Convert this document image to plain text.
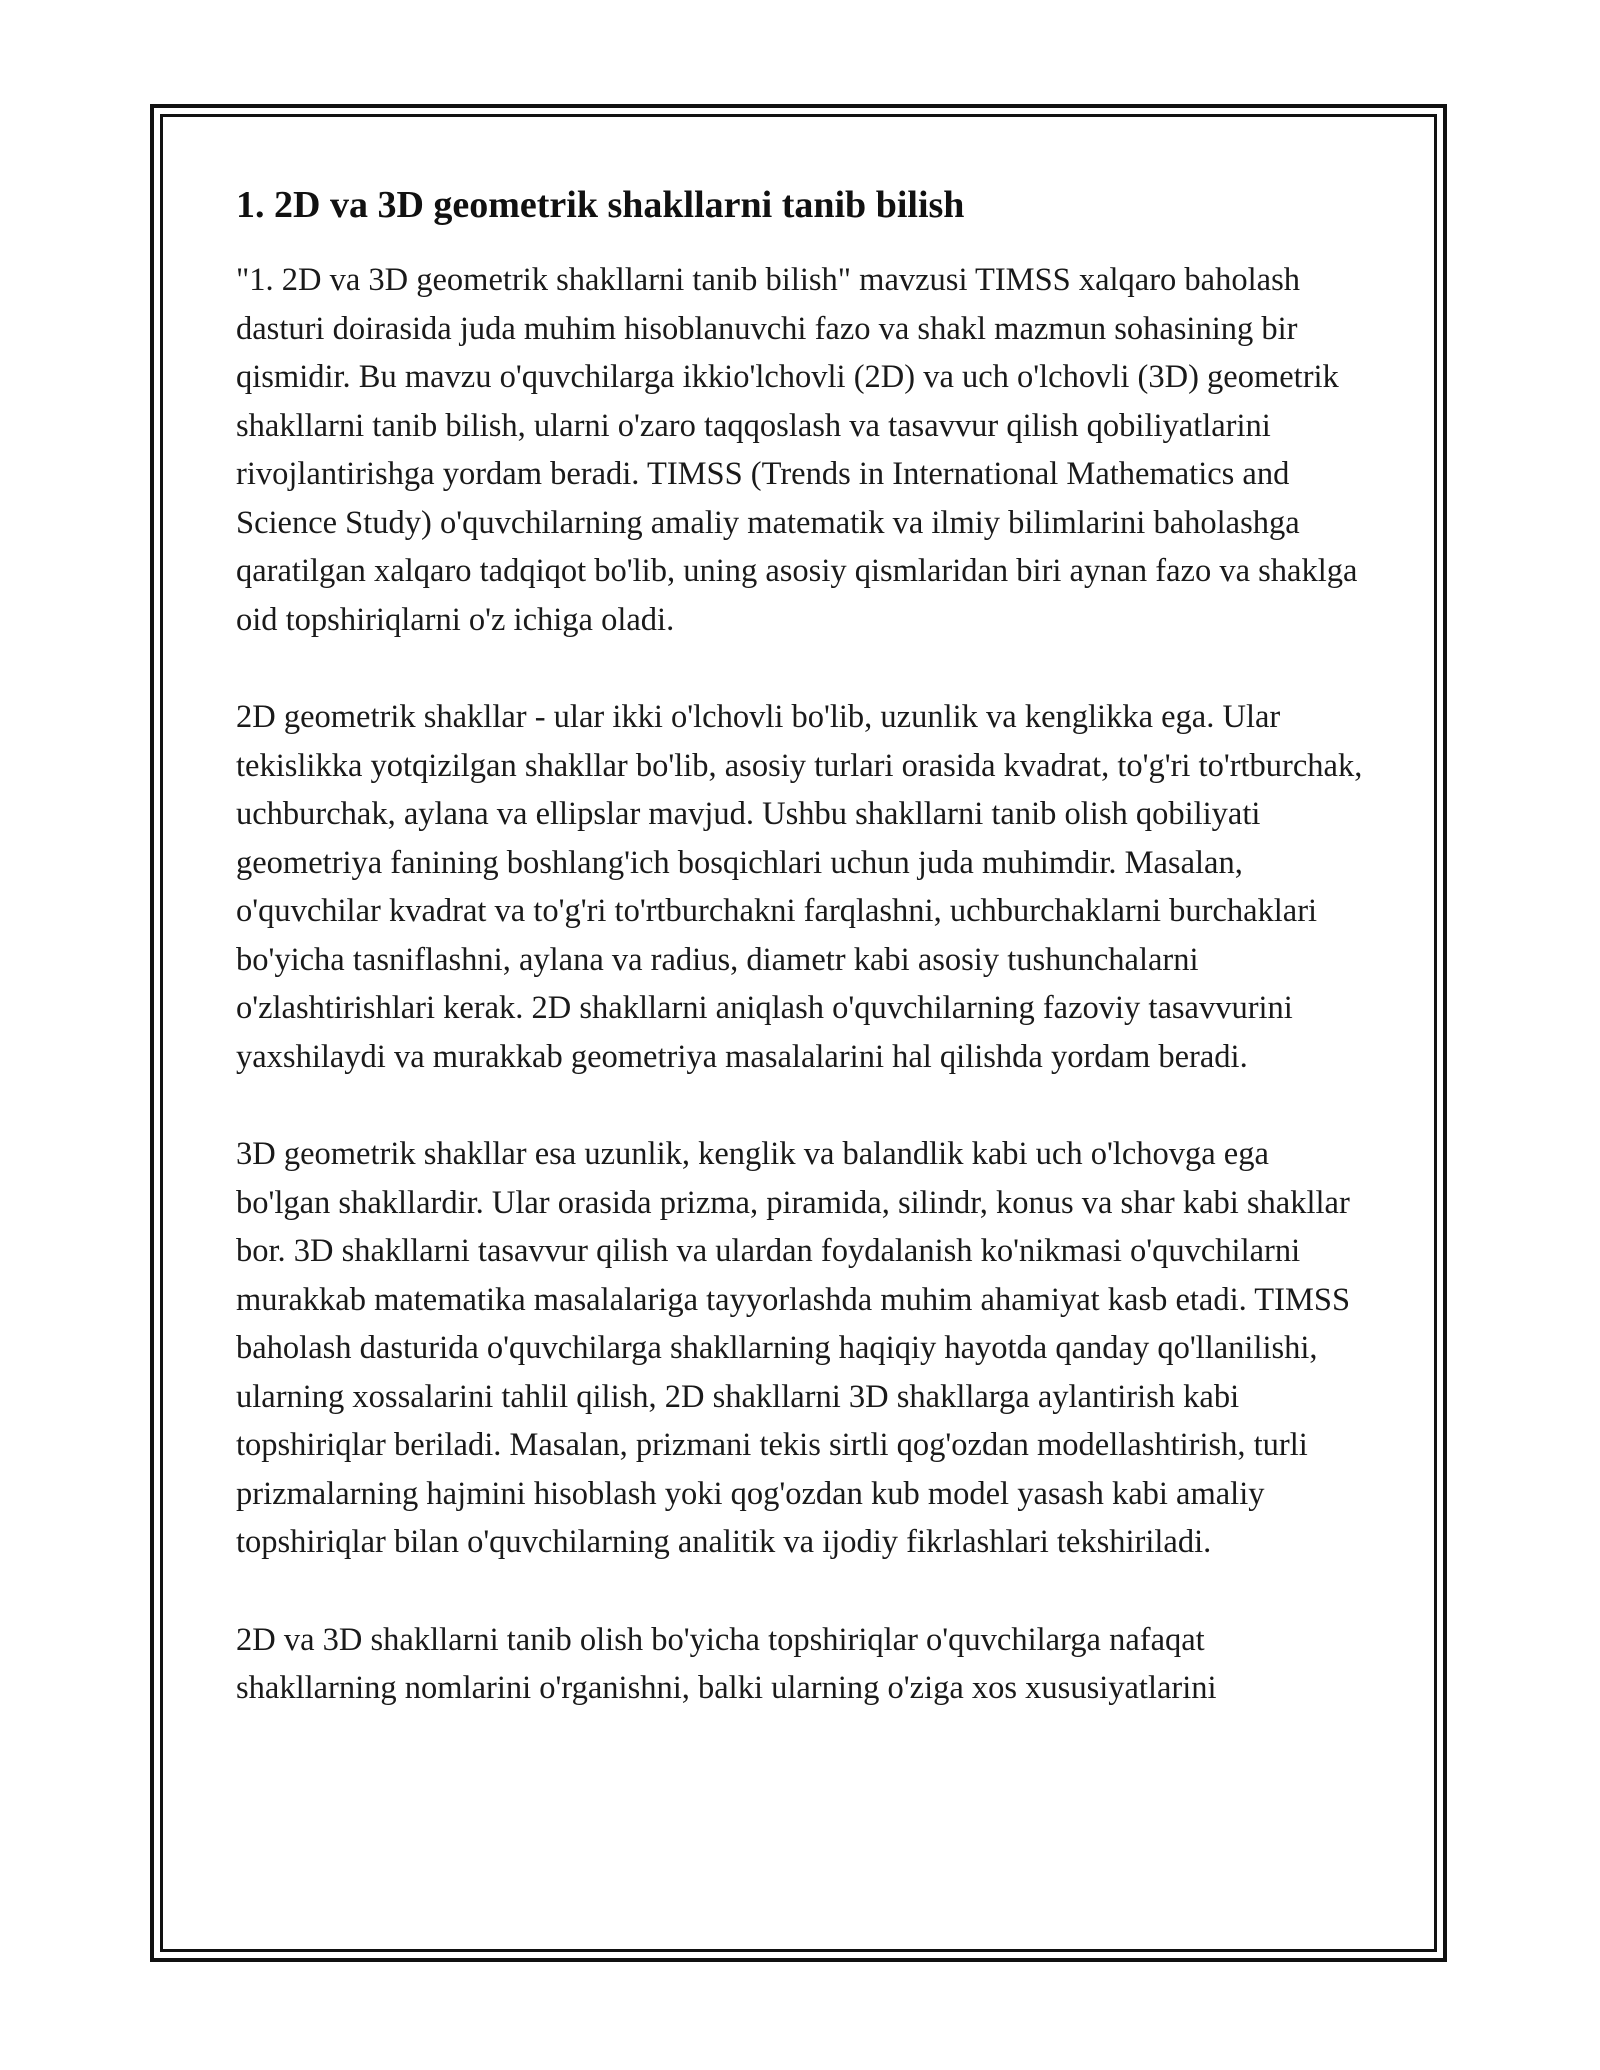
1. 2D va 3D geometrik shakllarni tanib bilish

"1. 2D va 3D geometrik shakllarni tanib bilish" mavzusi TIMSS xalqaro baholash dasturi doirasida juda muhim hisoblanuvchi fazo va shakl mazmun sohasining bir qismidir. Bu mavzu o'quvchilarga ikkio'lchovli (2D) va uch o'lchovli (3D) geometrik shakllarni tanib bilish, ularni o'zaro taqqoslash va tasavvur qilish qobiliyatlarini rivojlantirishga yordam beradi. TIMSS (Trends in International Mathematics and Science Study) o'quvchilarning amaliy matematik va ilmiy bilimlarini baholashga qaratilgan xalqaro tadqiqot bo'lib, uning asosiy qismlaridan biri aynan fazo va shaklga oid topshiriqlarni o'z ichiga oladi.

2D geometrik shakllar - ular ikki o'lchovli bo'lib, uzunlik va kenglikka ega. Ular tekislikka yotqizilgan shakllar bo'lib, asosiy turlari orasida kvadrat, to'g'ri to'rtburchak, uchburchak, aylana va ellipslar mavjud. Ushbu shakllarni tanib olish qobiliyati geometriya fanining boshlang'ich bosqichlari uchun juda muhimdir. Masalan, o'quvchilar kvadrat va to'g'ri to'rtburchakni farqlashni, uchburchaklarni burchaklari bo'yicha tasniflashni, aylana va radius, diametr kabi asosiy tushunchalarni o'zlashtirishlari kerak. 2D shakllarni aniqlash o'quvchilarning fazoviy tasavvurini yaxshilaydi va murakkab geometriya masalalarini hal qilishda yordam beradi.

3D geometrik shakllar esa uzunlik, kenglik va balandlik kabi uch o'lchovga ega bo'lgan shakllardir. Ular orasida prizma, piramida, silindr, konus va shar kabi shakllar bor. 3D shakllarni tasavvur qilish va ulardan foydalanish ko'nikmasi o'quvchilarni murakkab matematika masalalariga tayyorlashda muhim ahamiyat kasb etadi. TIMSS baholash dasturida o'quvchilarga shakllarning haqiqiy hayotda qanday qo'llanilishi, ularning xossalarini tahlil qilish, 2D shakllarni 3D shakllarga aylantirish kabi topshiriqlar beriladi. Masalan, prizmani tekis sirtli qog'ozdan modellashtirish, turli prizmalarning hajmini hisoblash yoki qog'ozdan kub model yasash kabi amaliy topshiriqlar bilan o'quvchilarning analitik va ijodiy fikrlashlari tekshiriladi.

2D va 3D shakllarni tanib olish bo'yicha topshiriqlar o'quvchilarga nafaqat shakllarning nomlarini o'rganishni, balki ularning o'ziga xos xususiyatlarini
